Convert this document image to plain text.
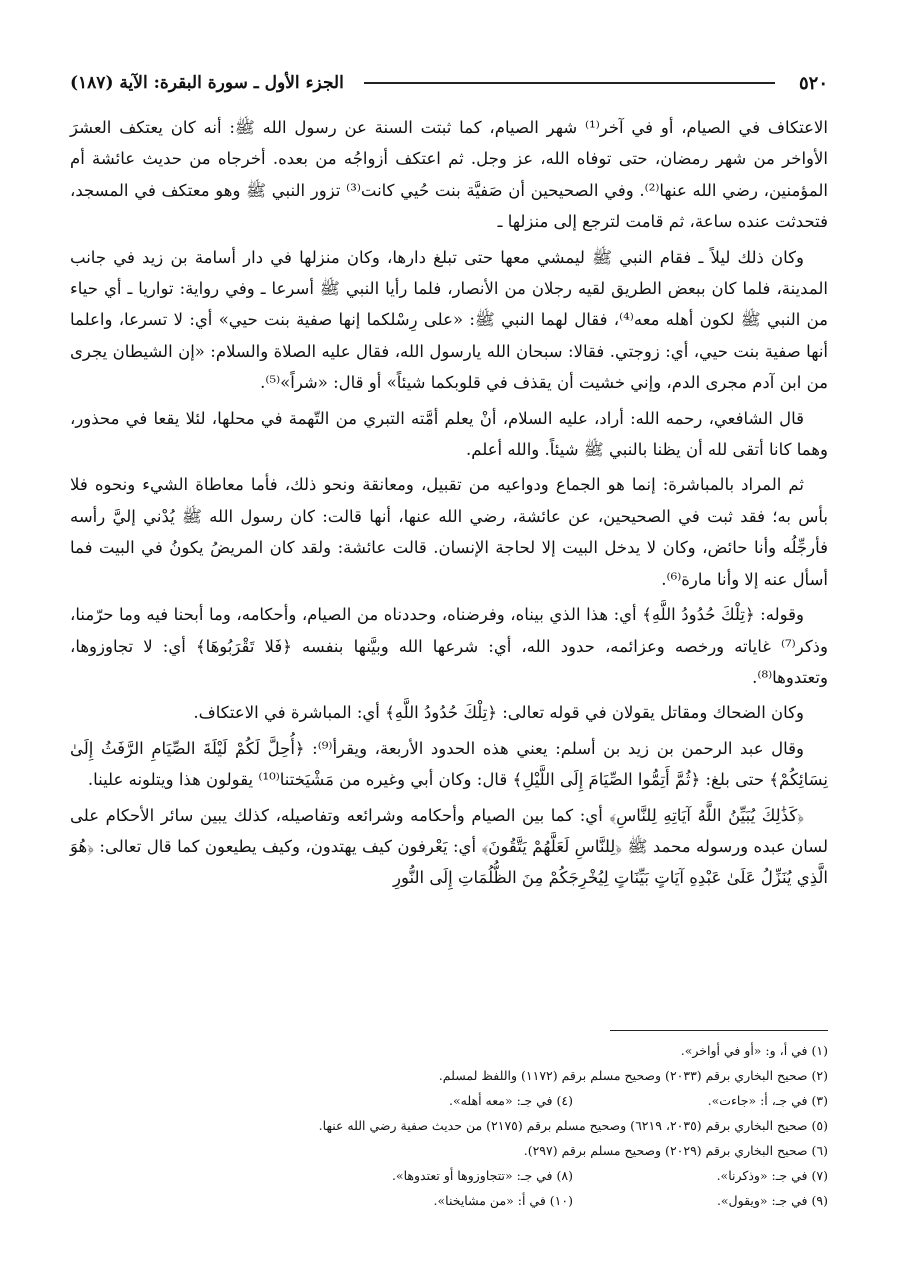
٥٢٠
الجزء الأول ـ سورة البقرة: الآية (١٨٧)

الاعتكاف في الصيام، أو في آخر⁽¹⁾ شهر الصيام، كما ثبتت السنة عن رسول الله ﷺ: أنه كان يعتكف العشرَ الأواخر من شهر رمضان، حتى توفاه الله، عز وجل. ثم اعتكف أزواجُه من بعده. أخرجاه من حديث عائشة أم المؤمنين، رضي الله عنها⁽²⁾. وفي الصحيحين أن صَفيَّة بنت حُيي كانت⁽³⁾ تزور النبي ﷺ وهو معتكف في المسجد، فتحدثت عنده ساعة، ثم قامت لترجع إلى منزلها ـ

وكان ذلك ليلاً ـ فقام النبي ﷺ ليمشي معها حتى تبلغ دارها، وكان منزلها في دار أسامة بن زيد في جانب المدينة، فلما كان ببعض الطريق لقيه رجلان من الأنصار، فلما رأيا النبي ﷺ أسرعا ـ وفي رواية: تواريا ـ أي حياء من النبي ﷺ لكون أهله معه⁽⁴⁾، فقال لهما النبي ﷺ: «على رِسْلكما إنها صفية بنت حيي» أي: لا تسرعا، واعلما أنها صفية بنت حيي، أي: زوجتي. فقالا: سبحان الله يارسول الله، فقال عليه الصلاة والسلام: «إن الشيطان يجرى من ابن آدم مجرى الدم، وإني خشيت أن يقذف في قلوبكما شيئاً» أو قال: «شراً»⁽⁵⁾.

قال الشافعي، رحمه الله: أراد، عليه السلام، أنْ يعلم أمَّته التبري من التّهمة في محلها، لئلا يقعا في محذور، وهما كانا أتقى لله أن يظنا بالنبي ﷺ شيئاً. والله أعلم.

ثم المراد بالمباشرة: إنما هو الجماع ودواعيه من تقبيل، ومعانقة ونحو ذلك، فأما معاطاة الشيء ونحوه فلا بأس به؛ فقد ثبت في الصحيحين، عن عائشة، رضي الله عنها، أنها قالت: كان رسول الله ﷺ يُدْني إليَّ رأسه فأرجِّلُه وأنا حائض، وكان لا يدخل البيت إلا لحاجة الإنسان. قالت عائشة: ولقد كان المريضُ يكونُ في البيت فما أسأل عنه إلا وأنا مارة⁽⁶⁾.

وقوله: ﴿تِلْكَ حُدُودُ اللَّهِ﴾ أي: هذا الذي بيناه، وفرضناه، وحددناه من الصيام، وأحكامه، وما أبحنا فيه وما حرّمنا، وذكر⁽⁷⁾ غاياته ورخصه وعزائمه، حدود الله، أي: شرعها الله وبيَّنها بنفسه ﴿فَلا تَقْرَبُوهَا﴾ أي: لا تجاوزوها، وتعتدوها⁽⁸⁾.

وكان الضحاك ومقاتل يقولان في قوله تعالى: ﴿تِلْكَ حُدُودُ اللَّهِ﴾ أي: المباشرة في الاعتكاف.

وقال عبد الرحمن بن زيد بن أسلم: يعني هذه الحدود الأربعة، ويقرأ⁽⁹⁾: ﴿أُحِلَّ لَكُمْ لَيْلَةَ الصِّيَامِ الرَّفَثُ إِلَىٰ نِسَائِكُمْ﴾ حتى بلغ: ﴿ثُمَّ أَتِمُّوا الصِّيَامَ إِلَى اللَّيْلِ﴾ قال: وكان أبي وغيره من مَشْيَختنا⁽¹⁰⁾ يقولون هذا ويتلونه علينا.

﴿كَذَٰلِكَ يُبَيِّنُ اللَّهُ آيَاتِهِ لِلنَّاسِ﴾ أي: كما بين الصيام وأحكامه وشرائعه وتفاصيله، كذلك يبين سائر الأحكام على لسان عبده ورسوله محمد ﷺ ﴿لِلنَّاسِ لَعَلَّهُمْ يَتَّقُونَ﴾ أي: يَعْرفون كيف يهتدون، وكيف يطيعون كما قال تعالى: ﴿هُوَ الَّذِي يُنَزِّلُ عَلَىٰ عَبْدِهِ آيَاتٍ بَيِّنَاتٍ لِيُخْرِجَكُمْ مِنَ الظُّلُمَاتِ إِلَى النُّورِ

(١) في أ، و: «أو في أواخر».
(٢) صحيح البخاري برقم (٢٠٣٣) وصحيح مسلم برقم (١١٧٢) واللفظ لمسلم.
(٣) في جـ، أ: «جاءت».
(٤) في جـ: «معه أهله».
(٥) صحيح البخاري برقم (٢٠٣٥، ٦٢١٩) وصحيح مسلم برقم (٢١٧٥) من حديث صفية رضي الله عنها.
(٦) صحيح البخاري برقم (٢٠٢٩) وصحيح مسلم برقم (٢٩٧).
(٧) في جـ: «وذكرنا».
(٨) في جـ: «تتجاوزوها أو تعتدوها».
(٩) في جـ: «ويقول».
(١٠) في أ: «من مشايخنا».
